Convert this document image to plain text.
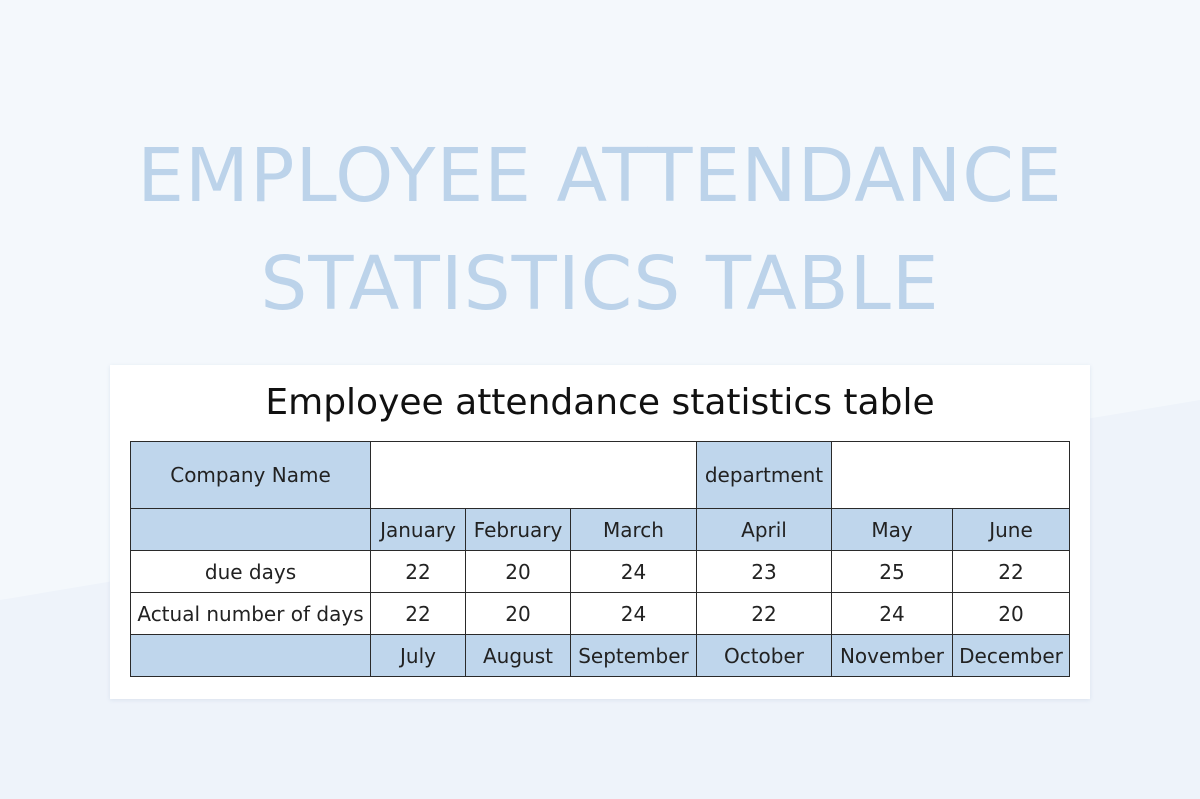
EMPLOYEE ATTENDANCE
STATISTICS TABLE
Employee attendance statistics table
Company Name				department		
	January	February	March	April	May	June
due days	22	20	24	23	25	22
Actual number of days	22	20	24	22	24	20
	July	August	September	October	November	December
